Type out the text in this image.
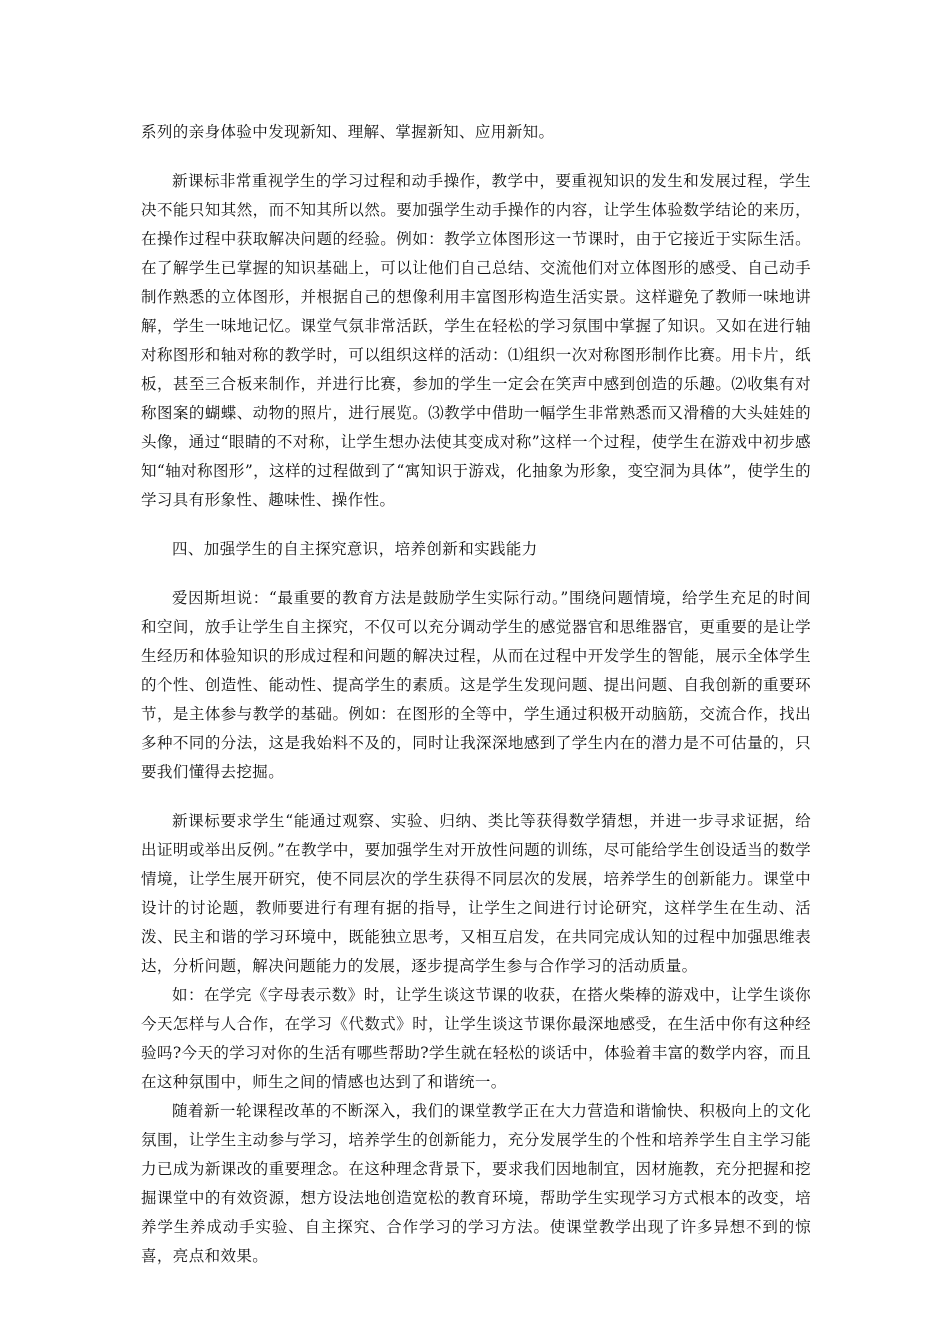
系列的亲身体验中发现新知、理解、掌握新知、应用新知。

新课标非常重视学生的学习过程和动手操作，教学中，要重视知识的发生和发展过程，学生决不能只知其然，而不知其所以然。要加强学生动手操作的内容，让学生体验数学结论的来历，在操作过程中获取解决问题的经验。例如：教学立体图形这一节课时，由于它接近于实际生活。在了解学生已掌握的知识基础上，可以让他们自己总结、交流他们对立体图形的感受、自己动手制作熟悉的立体图形，并根据自己的想像利用丰富图形构造生活实景。这样避免了教师一味地讲解，学生一味地记忆。课堂气氛非常活跃，学生在轻松的学习氛围中掌握了知识。又如在进行轴对称图形和轴对称的教学时，可以组织这样的活动：⑴组织一次对称图形制作比赛。用卡片，纸板，甚至三合板来制作，并进行比赛，参加的学生一定会在笑声中感到创造的乐趣。⑵收集有对称图案的蝴蝶、动物的照片，进行展览。⑶教学中借助一幅学生非常熟悉而又滑稽的大头娃娃的头像，通过“眼睛的不对称，让学生想办法使其变成对称”这样一个过程，使学生在游戏中初步感知“轴对称图形”，这样的过程做到了“寓知识于游戏，化抽象为形象，变空洞为具体”，使学生的学习具有形象性、趣味性、操作性。

四、加强学生的自主探究意识，培养创新和实践能力

爱因斯坦说：“最重要的教育方法是鼓励学生实际行动。”围绕问题情境，给学生充足的时间和空间，放手让学生自主探究，不仅可以充分调动学生的感觉器官和思维器官，更重要的是让学生经历和体验知识的形成过程和问题的解决过程，从而在过程中开发学生的智能，展示全体学生的个性、创造性、能动性、提高学生的素质。这是学生发现问题、提出问题、自我创新的重要环节，是主体参与教学的基础。例如：在图形的全等中，学生通过积极开动脑筋，交流合作，找出多种不同的分法，这是我始料不及的，同时让我深深地感到了学生内在的潜力是不可估量的，只要我们懂得去挖掘。

新课标要求学生“能通过观察、实验、归纳、类比等获得数学猜想，并进一步寻求证据，给出证明或举出反例。”在教学中，要加强学生对开放性问题的训练，尽可能给学生创设适当的数学情境，让学生展开研究，使不同层次的学生获得不同层次的发展，培养学生的创新能力。课堂中设计的讨论题，教师要进行有理有据的指导，让学生之间进行讨论研究，这样学生在生动、活泼、民主和谐的学习环境中，既能独立思考，又相互启发，在共同完成认知的过程中加强思维表达，分析问题，解决问题能力的发展，逐步提高学生参与合作学习的活动质量。

如：在学完《字母表示数》时，让学生谈这节课的收获，在搭火柴棒的游戏中，让学生谈你今天怎样与人合作，在学习《代数式》时，让学生谈这节课你最深地感受，在生活中你有这种经验吗?今天的学习对你的生活有哪些帮助?学生就在轻松的谈话中，体验着丰富的数学内容，而且在这种氛围中，师生之间的情感也达到了和谐统一。

随着新一轮课程改革的不断深入，我们的课堂教学正在大力营造和谐愉快、积极向上的文化氛围，让学生主动参与学习，培养学生的创新能力，充分发展学生的个性和培养学生自主学习能力已成为新课改的重要理念。在这种理念背景下，要求我们因地制宜，因材施教，充分把握和挖掘课堂中的有效资源，想方设法地创造宽松的教育环境，帮助学生实现学习方式根本的改变，培养学生养成动手实验、自主探究、合作学习的学习方法。使课堂教学出现了许多异想不到的惊喜，亮点和效果。
